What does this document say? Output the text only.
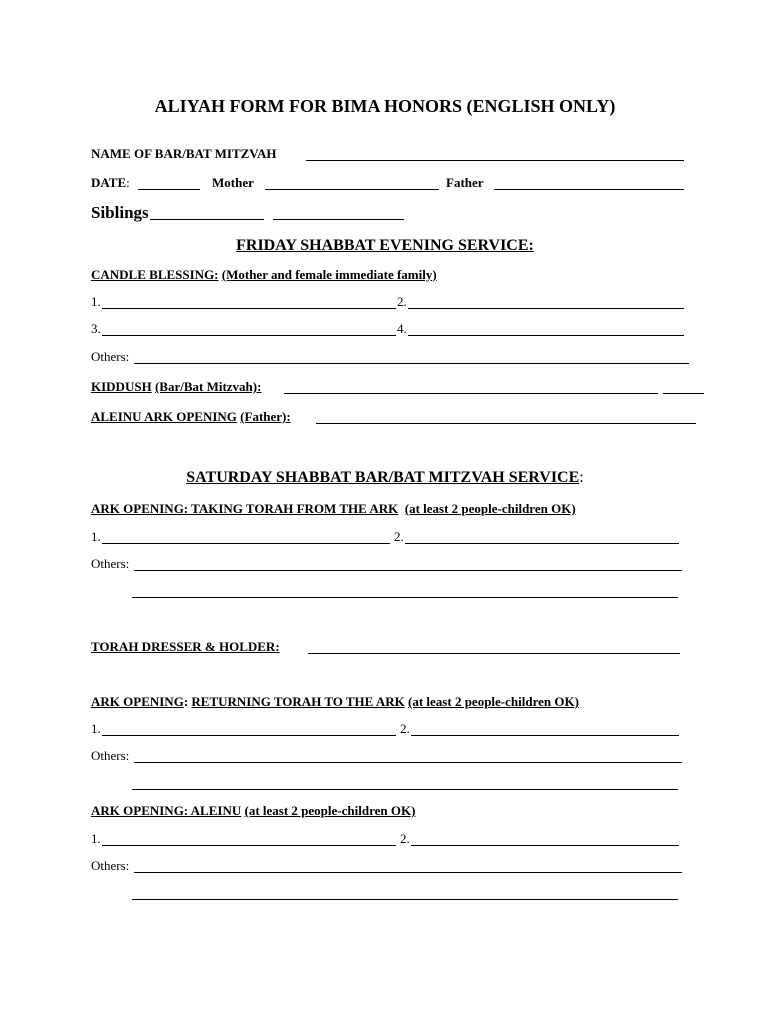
ALIYAH FORM FOR BIMA HONORS (ENGLISH ONLY)
NAME OF BAR/BAT MITZVAH
DATE:	Mother	Father
Siblings
FRIDAY SHABBAT EVENING SERVICE:
CANDLE BLESSING: (Mother and female immediate family)
1.	2.
3.	4.
Others:
KIDDUSH (Bar/Bat Mitzvah):
ALEINU ARK OPENING (Father):
SATURDAY SHABBAT BAR/BAT MITZVAH SERVICE:
ARK OPENING: TAKING TORAH FROM THE ARK (at least 2 people-children OK)
1.	2.
Others:
TORAH DRESSER & HOLDER:
ARK OPENING: RETURNING TORAH TO THE ARK (at least 2 people-children OK)
1.	2.
Others:
ARK OPENING: ALEINU (at least 2 people-children OK)
1.	2.
Others:
